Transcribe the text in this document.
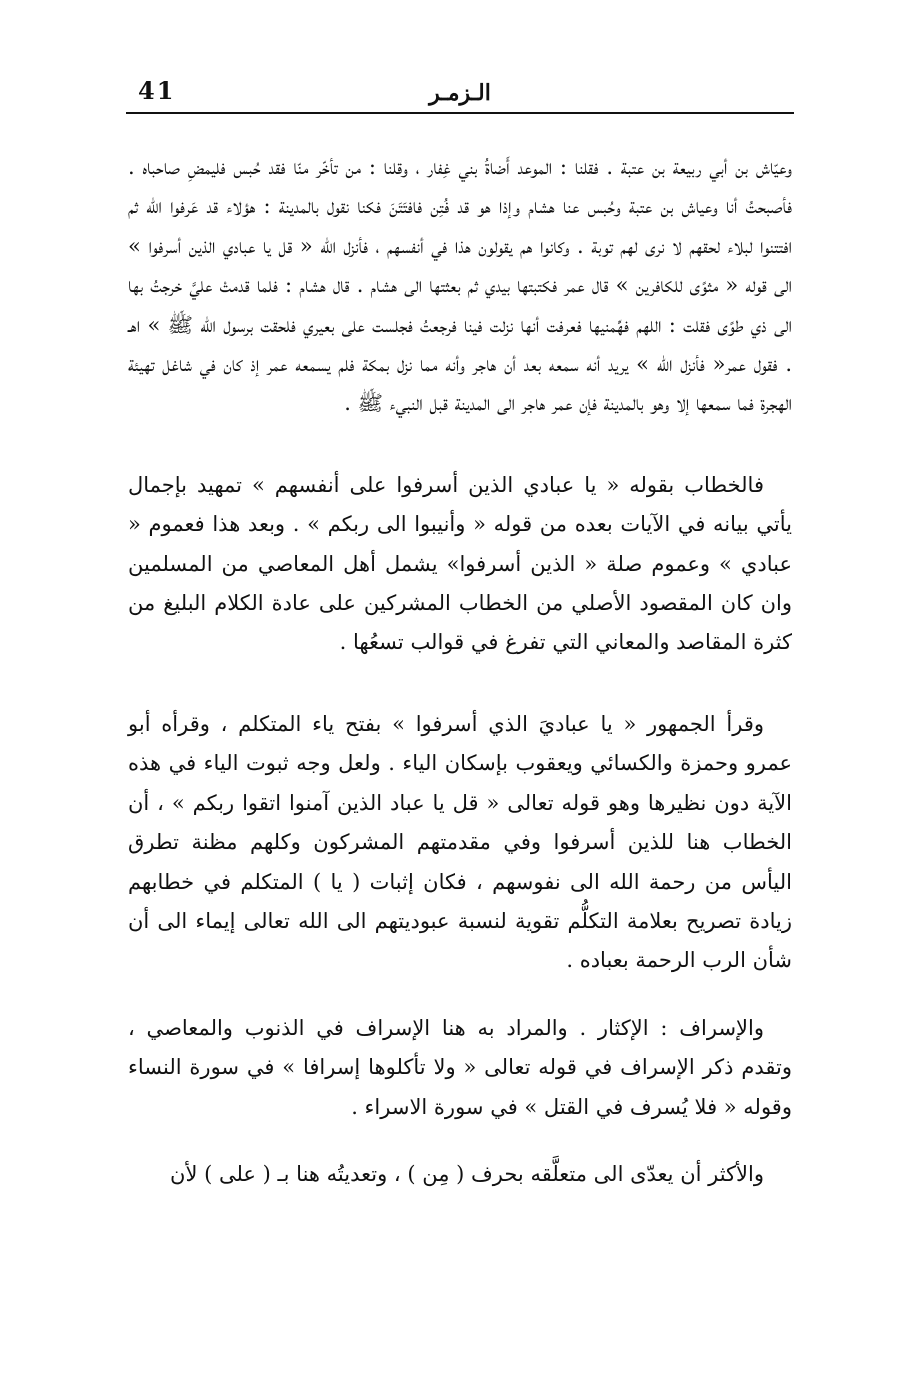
41	الـزمـر

وعيّاش بن أبي ربيعة بن عتبة . فقلنا : الموعد أَضاةُ بني غِفار ، وقلنا : من تأخّر منّا فقد حُبس فليمضِ صاحباه . فأصبحتُ أنا وعياش بن عتبة وحُبس عنا هشام وإذا هو قد فُتِن فافتَتَنَ فكنا نقول بالمدينة : هؤلاء قد عَرفوا الله ثم افتتنوا لبلاء لحقهم لا نرى لهم توبة . وكانوا هم يقولون هذا في أنفسهم ، فأنزل الله « قل يا عبادي الذين أسرفوا » الى قوله « مثوًى للكافرين » قال عمر فكتبتها بيدي ثم بعثتها الى هشام . قال هشام : فلما قدمتْ عليَّ خرجتُ بها الى ذي طوًى فقلت : اللهم فهِّمنيها فعرفت أنها نزلت فينا فرجعتُ فجلست على بعيري فلحقت برسول الله ﷺ » اهـ . فقول عمر« فأنزل الله » يريد أنه سمعه بعد أن هاجر وأنه مما نزل بمكة فلم يسمعه عمر إذ كان في شاغل تهيئة الهجرة فما سمعها إلا وهو بالمدينة فإن عمر هاجر الى المدينة قبل النبيء ﷺ .

فالخطاب بقوله « يا عبادي الذين أسرفوا على أنفسهم » تمهيد بإجمال يأتي بيانه في الآيات بعده من قوله « وأنيبوا الى ربكم » . وبعد هذا فعموم « عبادي » وعموم صلة « الذين أسرفوا» يشمل أهل المعاصي من المسلمين وان كان المقصود الأصلي من الخطاب المشركين على عادة الكلام البليغ من كثرة المقاصد والمعاني التي تفرغ في قوالب تسعُها .

وقرأ الجمهور « يا عباديَ الذي أسرفوا » بفتح ياء المتكلم ، وقرأه أبو عمرو وحمزة والكسائي ويعقوب بإسكان الياء . ولعل وجه ثبوت الياء في هذه الآية دون نظيرها وهو قوله تعالى « قل يا عباد الذين آمنوا اتقوا ربكم » ، أن الخطاب هنا للذين أسرفوا وفي مقدمتهم المشركون وكلهم مظنة تطرق اليأس من رحمة الله الى نفوسهم ، فكان إثبات ( يا ) المتكلم في خطابهم زيادة تصريح بعلامة التكلُّم تقوية لنسبة عبوديتهم الى الله تعالى إيماء الى أن شأن الرب الرحمة بعباده .

والإسراف : الإكثار . والمراد به هنا الإسراف في الذنوب والمعاصي ، وتقدم ذكر الإسراف في قوله تعالى « ولا تأكلوها إسرافا » في سورة النساء وقوله « فلا يُسرف في القتل » في سورة الاسراء .

والأكثر أن يعدّى الى متعلَّقه بحرف ( مِن ) ، وتعديتُه هنا بـ ( على ) لأن
